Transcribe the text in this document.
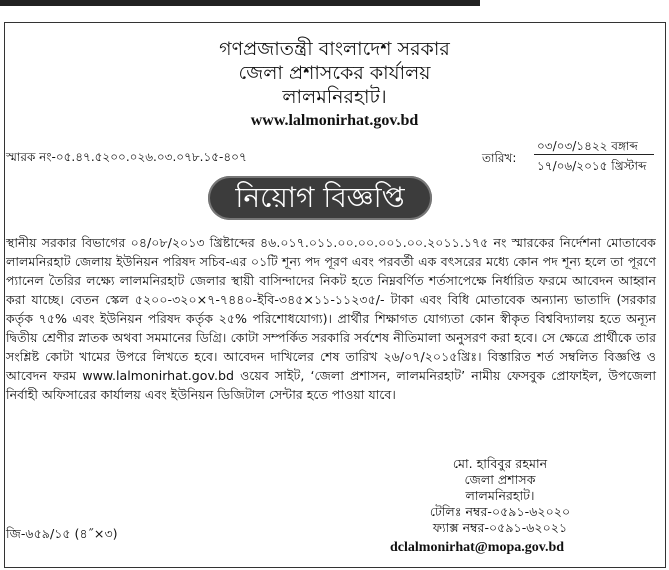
গণপ্রজাতন্ত্রী বাংলাদেশ সরকার
জেলা প্রশাসকের কার্যালয়
লালমনিরহাট।
www.lalmonirhat.gov.bd
স্মারক নং-০৫.৪৭.৫২০০.০২৬.০৩.০৭৮.১৫-৪০৭	তারিখ:
০৩/০৩/১৪২২ বঙ্গাব্দ
১৭/০৬/২০১৫ খ্রিস্টাব্দ
নিয়োগ বিজ্ঞপ্তি
স্থানীয় সরকার বিভাগের ০৪/০৮/২০১৩ খ্রিষ্টাব্দের ৪৬.০১৭.০১১.০০.০০.০০১.০০.২০১১.১৭৫ নং স্মারকের নির্দেশনা মোতাবেক লালমনিরহাট জেলায় ইউনিয়ন পরিষদ সচিব-এর ০১টি শূন্য পদ পূরণ এবং পরবর্তী এক বৎসরের মধ্যে কোন পদ শূন্য হলে তা পূরণে প্যানেল তৈরির লক্ষ্যে লালমনিরহাট জেলার স্থায়ী বাসিন্দাদের নিকট হতে নিম্নবর্ণিত শর্তসাপেক্ষে নির্ধারিত ফরমে আবেদন আহ্বান করা যাচ্ছে। বেতন স্কেল ৫২০০-৩২০×৭-৭৪৪০-ইবি-৩৪৫×১১-১১২৩৫/- টাকা এবং বিধি মোতাবেক অন্যান্য ভাতাদি (সরকার কর্তৃক ৭৫% এবং ইউনিয়ন পরিষদ কর্তৃক ২৫% পরিশোধযোগ্য)। প্রার্থীর শিক্ষাগত যোগ্যতা কোন স্বীকৃত বিশ্ববিদ্যালয় হতে অন্যূন দ্বিতীয় শ্রেণীর স্নাতক অথবা সমমানের ডিগ্রি। কোটা সম্পর্কিত সরকারি সর্বশেষ নীতিমালা অনুসরণ করা হবে। সে ক্ষেত্রে প্রার্থীকে তার সংশ্লিষ্ট কোটা খামের উপরে লিখতে হবে। আবেদন দাখিলের শেষ তারিখ ২৬/০৭/২০১৫খ্রিঃ। বিস্তারিত শর্ত সম্বলিত বিজ্ঞপ্তি ও আবেদন ফরম www.lalmonirhat.gov.bd ওয়েব সাইট, ‘জেলা প্রশাসন, লালমনিরহাট’ নামীয় ফেসবুক প্রোফাইল, উপজেলা নির্বাহী অফিসারের কার্যালয় এবং ইউনিয়ন ডিজিটাল সেন্টার হতে পাওয়া যাবে।
মো. হাবিবুর রহমান
জেলা প্রশাসক
লালমনিরহাট।
টেলিঃ নম্বর-০৫৯১-৬২০২০
ফ্যাক্স নম্বর-০৫৯১-৬২০২১
জি-৬৫৯/১৫ (৪˝×৩)
dclalmonirhat@mopa.gov.bd
